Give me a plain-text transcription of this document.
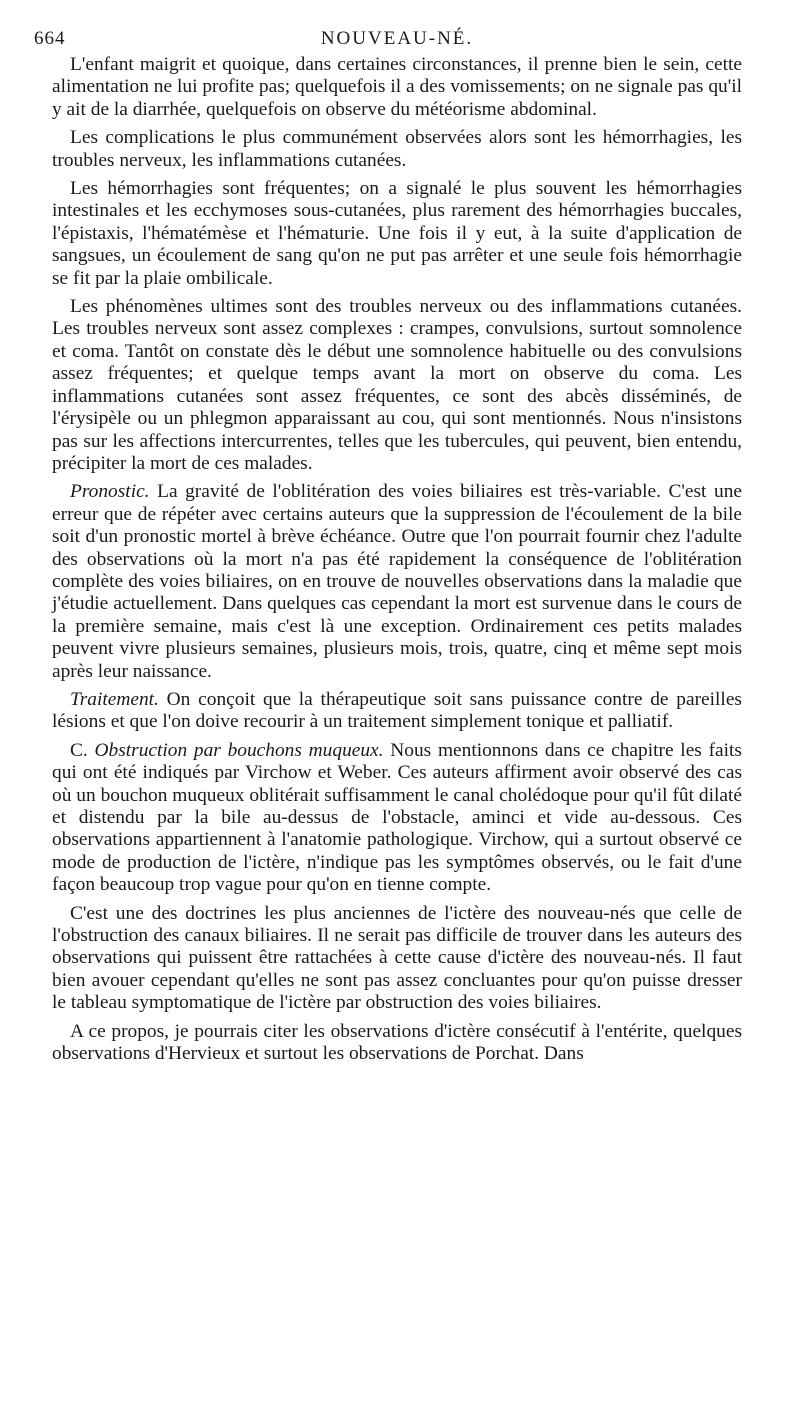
664	NOUVEAU-NÉ.

L'enfant maigrit et quoique, dans certaines circonstances, il prenne bien le sein, cette alimentation ne lui profite pas; quelquefois il a des vomissements; on ne signale pas qu'il y ait de la diarrhée, quelquefois on observe du météorisme abdominal.

Les complications le plus communément observées alors sont les hémorrhagies, les troubles nerveux, les inflammations cutanées.

Les hémorrhagies sont fréquentes; on a signalé le plus souvent les hémorrhagies intestinales et les ecchymoses sous-cutanées, plus rarement des hémorrhagies buccales, l'épistaxis, l'hématémèse et l'hématurie. Une fois il y eut, à la suite d'application de sangsues, un écoulement de sang qu'on ne put pas arrêter et une seule fois hémorrhagie se fit par la plaie ombilicale.

Les phénomènes ultimes sont des troubles nerveux ou des inflammations cutanées. Les troubles nerveux sont assez complexes : crampes, convulsions, surtout somnolence et coma. Tantôt on constate dès le début une somnolence habituelle ou des convulsions assez fréquentes; et quelque temps avant la mort on observe du coma. Les inflammations cutanées sont assez fréquentes, ce sont des abcès disséminés, de l'érysipèle ou un phlegmon apparaissant au cou, qui sont mentionnés. Nous n'insistons pas sur les affections intercurrentes, telles que les tubercules, qui peuvent, bien entendu, précipiter la mort de ces malades.

Pronostic. La gravité de l'oblitération des voies biliaires est très-variable. C'est une erreur que de répéter avec certains auteurs que la suppression de l'écoulement de la bile soit d'un pronostic mortel à brève échéance. Outre que l'on pourrait fournir chez l'adulte des observations où la mort n'a pas été rapidement la conséquence de l'oblitération complète des voies biliaires, on en trouve de nouvelles observations dans la maladie que j'étudie actuellement. Dans quelques cas cependant la mort est survenue dans le cours de la première semaine, mais c'est là une exception. Ordinairement ces petits malades peuvent vivre plusieurs semaines, plusieurs mois, trois, quatre, cinq et même sept mois après leur naissance.

Traitement. On conçoit que la thérapeutique soit sans puissance contre de pareilles lésions et que l'on doive recourir à un traitement simplement tonique et palliatif.

C. Obstruction par bouchons muqueux. Nous mentionnons dans ce chapitre les faits qui ont été indiqués par Virchow et Weber. Ces auteurs affirment avoir observé des cas où un bouchon muqueux oblitérait suffisamment le canal cholédoque pour qu'il fût dilaté et distendu par la bile au-dessus de l'obstacle, aminci et vide au-dessous. Ces observations appartiennent à l'anatomie pathologique. Virchow, qui a surtout observé ce mode de production de l'ictère, n'indique pas les symptômes observés, ou le fait d'une façon beaucoup trop vague pour qu'on en tienne compte.

C'est une des doctrines les plus anciennes de l'ictère des nouveau-nés que celle de l'obstruction des canaux biliaires. Il ne serait pas difficile de trouver dans les auteurs des observations qui puissent être rattachées à cette cause d'ictère des nouveau-nés. Il faut bien avouer cependant qu'elles ne sont pas assez concluantes pour qu'on puisse dresser le tableau symptomatique de l'ictère par obstruction des voies biliaires.

A ce propos, je pourrais citer les observations d'ictère consécutif à l'entérite, quelques observations d'Hervieux et surtout les observations de Porchat. Dans
